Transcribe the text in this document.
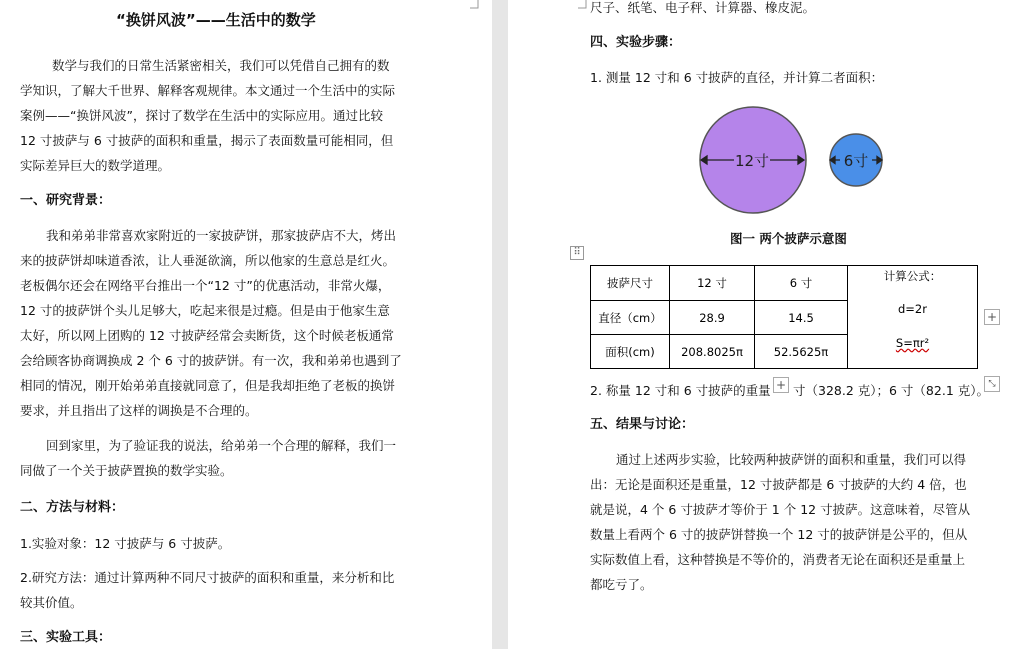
“换饼风波”——生活中的数学
数学与我们的日常生活紧密相关，我们可以凭借自己拥有的数
学知识，了解大千世界、解释客观规律。本文通过一个生活中的实际
案例——“换饼风波”，探讨了数学在生活中的实际应用。通过比较
12 寸披萨与 6 寸披萨的面积和重量，揭示了表面数量可能相同，但
实际差异巨大的数学道理。
一、研究背景：
我和弟弟非常喜欢家附近的一家披萨饼，那家披萨店不大，烤出
来的披萨饼却味道香浓，让人垂涎欲滴，所以他家的生意总是红火。
老板偶尔还会在网络平台推出一个“12 寸”的优惠活动，非常火爆，
12 寸的披萨饼个头儿足够大，吃起来很是过瘾。但是由于他家生意
太好，所以网上团购的 12 寸披萨经常会卖断货，这个时候老板通常
会给顾客协商调换成 2 个 6 寸的披萨饼。有一次，我和弟弟也遇到了
相同的情况，刚开始弟弟直接就同意了，但是我却拒绝了老板的换饼
要求，并且指出了这样的调换是不合理的。
回到家里，为了验证我的说法，给弟弟一个合理的解释，我们一
同做了一个关于披萨置换的数学实验。
二、方法与材料：
1.实验对象：12 寸披萨与 6 寸披萨。
2.研究方法：通过计算两种不同尺寸披萨的面积和重量，来分析和比
较其价值。
三、实验工具：
尺子、纸笔、电子秤、计算器、橡皮泥。
四、实验步骤：
1. 测量 12 寸和 6 寸披萨的直径，并计算二者面积：
12寸	6寸
图一 两个披萨示意图
⠿
披萨尺寸	12 寸	6 寸	计算公式：
d=2r
S=πr²

直径（cm）	28.9	14.5	
面积(cm)	208.8025π	52.5625π	
+
+	⤡
2. 称量 12 寸和 6 寸披萨的重量 寸（328.2 克）；6 寸（82.1 克）。
五、结果与讨论：
通过上述两步实验，比较两种披萨饼的面积和重量，我们可以得
出：无论是面积还是重量，12 寸披萨都是 6 寸披萨的大约 4 倍，也
就是说，4 个 6 寸披萨才等价于 1 个 12 寸披萨。这意味着，尽管从
数量上看两个 6 寸的披萨饼替换一个 12 寸的披萨饼是公平的，但从
实际数值上看，这种替换是不等价的，消费者无论在面积还是重量上
都吃亏了。
